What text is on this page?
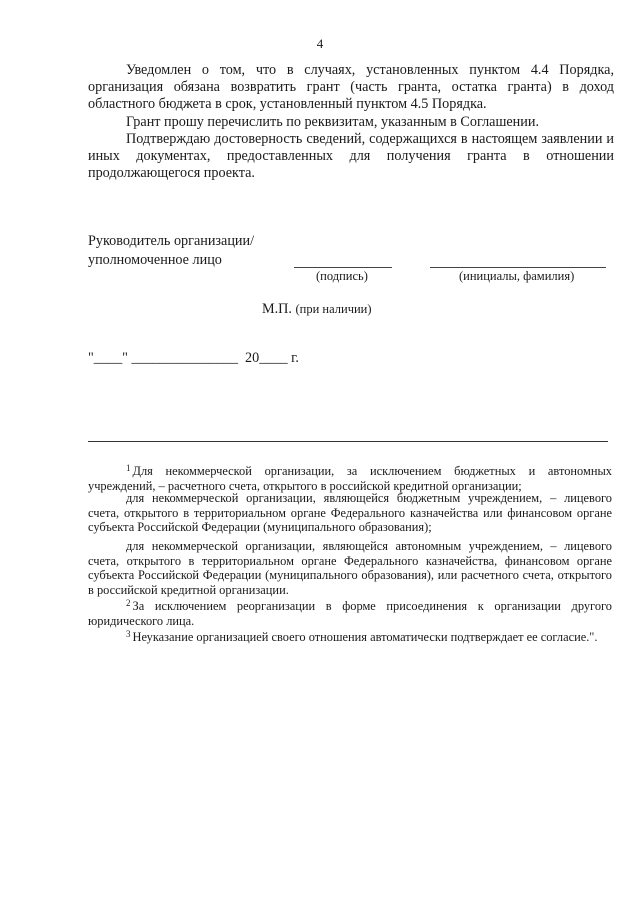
4

Уведомлен о том, что в случаях, установленных пунктом 4.4 Порядка, организация обязана возвратить грант (часть гранта, остатка гранта) в доход областного бюджета в срок, установленный пунктом 4.5 Порядка.

Грант прошу перечислить по реквизитам, указанным в Соглашении.

Подтверждаю достоверность сведений, содержащихся в настоящем заявлении и иных документах, предоставленных для получения гранта в отношении продолжающегося проекта.

Руководитель организации/
уполномоченное лицо
(подпись)	(инициалы, фамилия)
М.П. (при наличии)
"____" _______________  20____ г.

$^1$ Для некоммерческой организации, за исключением бюджетных и автономных учреждений, – расчетного счета, открытого в российской кредитной организации;

для некоммерческой организации, являющейся бюджетным учреждением, – лицевого счета, открытого в территориальном органе Федерального казначейства или финансовом органе субъекта Российской Федерации (муниципального образования);

для некоммерческой организации, являющейся автономным учреждением, – лицевого счета, открытого в территориальном органе Федерального казначейства, финансовом органе субъекта Российской Федерации (муниципального образования), или расчетного счета, открытого в российской кредитной организации.

$^2$ За исключением реорганизации в форме присоединения к организации другого юридического лица.

$^3$ Неуказание организацией своего отношения автоматически подтверждает ее согласие.".
